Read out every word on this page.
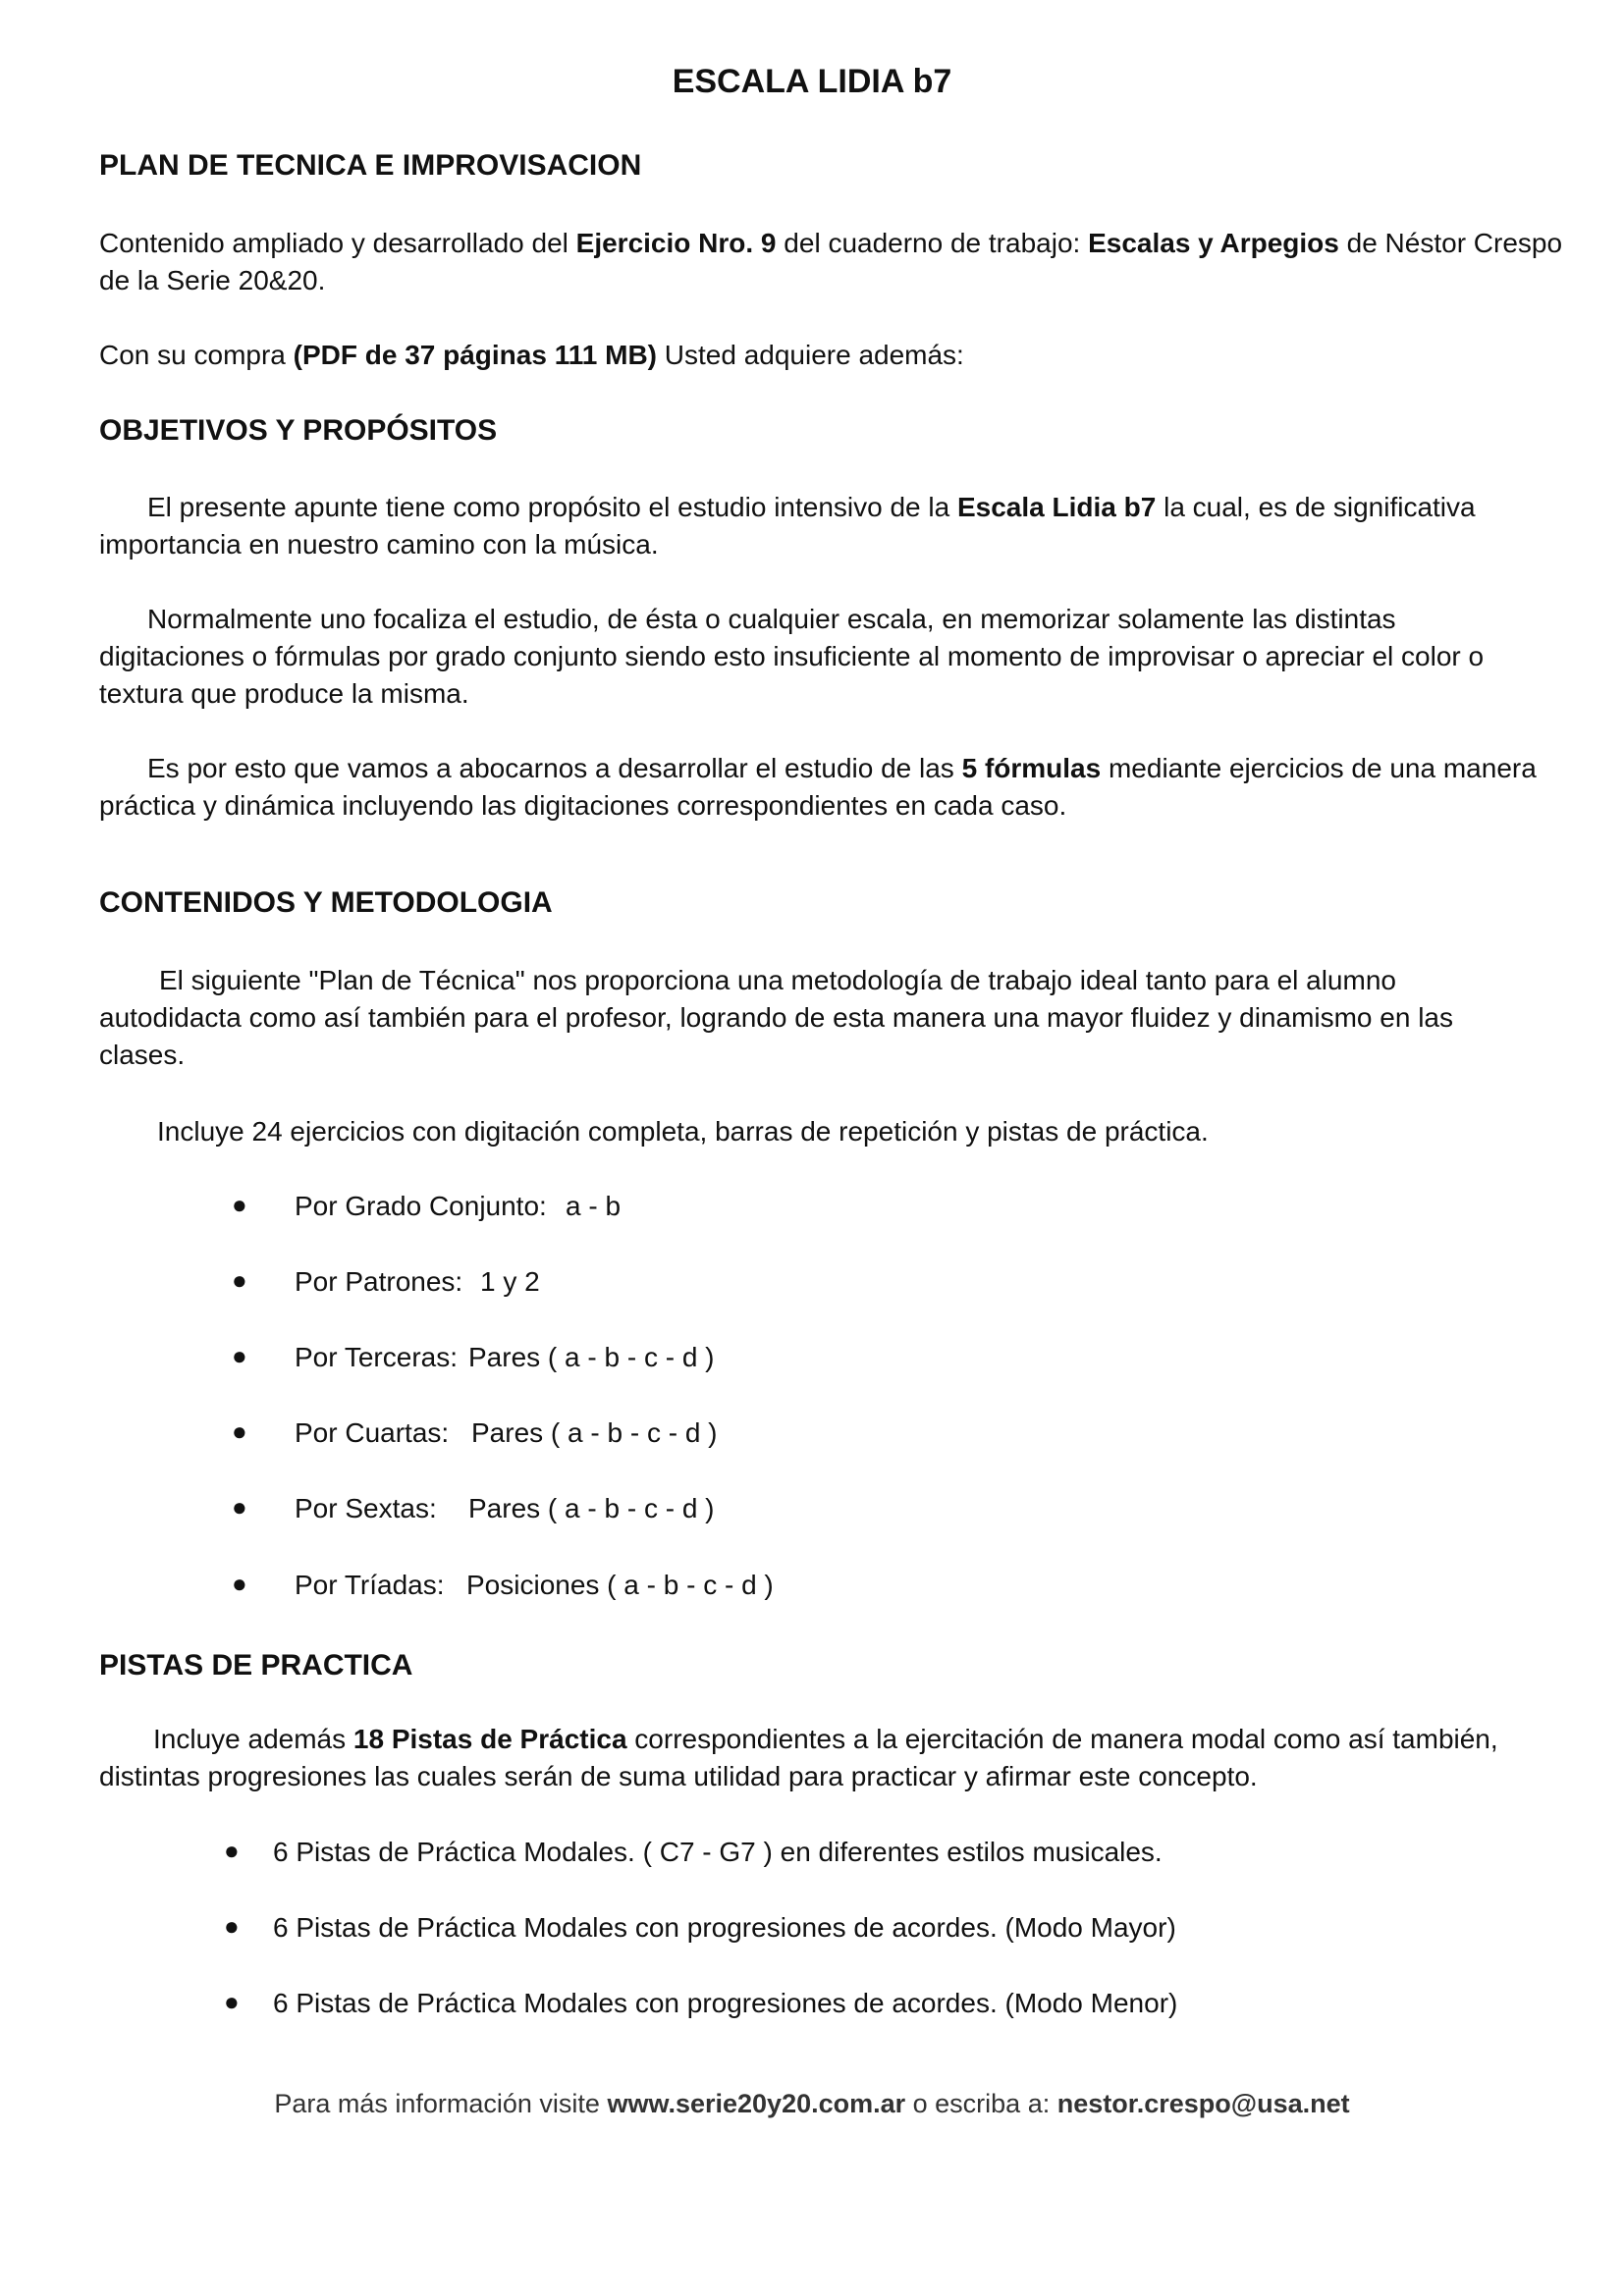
ESCALA LIDIA b7
PLAN DE TECNICA E IMPROVISACION
Contenido ampliado y desarrollado del Ejercicio Nro. 9 del cuaderno de trabajo: Escalas y Arpegios de Néstor Crespo
de la Serie 20&20.
Con su compra (PDF de 37 páginas 111 MB) Usted adquiere además:
OBJETIVOS Y PROPÓSITOS
El presente apunte tiene como propósito el estudio intensivo de la Escala Lidia b7 la cual, es de significativa
importancia en nuestro camino con la música.
Normalmente uno focaliza el estudio, de ésta o cualquier escala, en memorizar solamente las distintas
digitaciones o fórmulas por grado conjunto siendo esto insuficiente al momento de improvisar o apreciar el color o
textura que produce la misma.
Es por esto que vamos a abocarnos a desarrollar el estudio de las 5 fórmulas mediante ejercicios de una manera
práctica y dinámica incluyendo las digitaciones correspondientes en cada caso.
CONTENIDOS Y METODOLOGIA
El siguiente "Plan de Técnica" nos proporciona una metodología de trabajo ideal tanto para el alumno
autodidacta como así también para el profesor, logrando de esta manera una mayor fluidez y dinamismo en las
clases.
Incluye 24 ejercicios con digitación completa, barras de repetición y pistas de práctica.
● Por Grado Conjunto: a - b
● Por Patrones: 1 y 2
● Por Terceras: Pares ( a - b - c - d )
● Por Cuartas: Pares ( a - b - c - d )
● Por Sextas: Pares ( a - b - c - d )
● Por Tríadas: Posiciones ( a - b - c - d )
PISTAS DE PRACTICA
Incluye además 18 Pistas de Práctica correspondientes a la ejercitación de manera modal como así también,
distintas progresiones las cuales serán de suma utilidad para practicar y afirmar este concepto.
● 6 Pistas de Práctica Modales. ( C7 - G7 ) en diferentes estilos musicales.
● 6 Pistas de Práctica Modales con progresiones de acordes. (Modo Mayor)
● 6 Pistas de Práctica Modales con progresiones de acordes. (Modo Menor)
Para más información visite www.serie20y20.com.ar o escriba a: nestor.crespo@usa.net
